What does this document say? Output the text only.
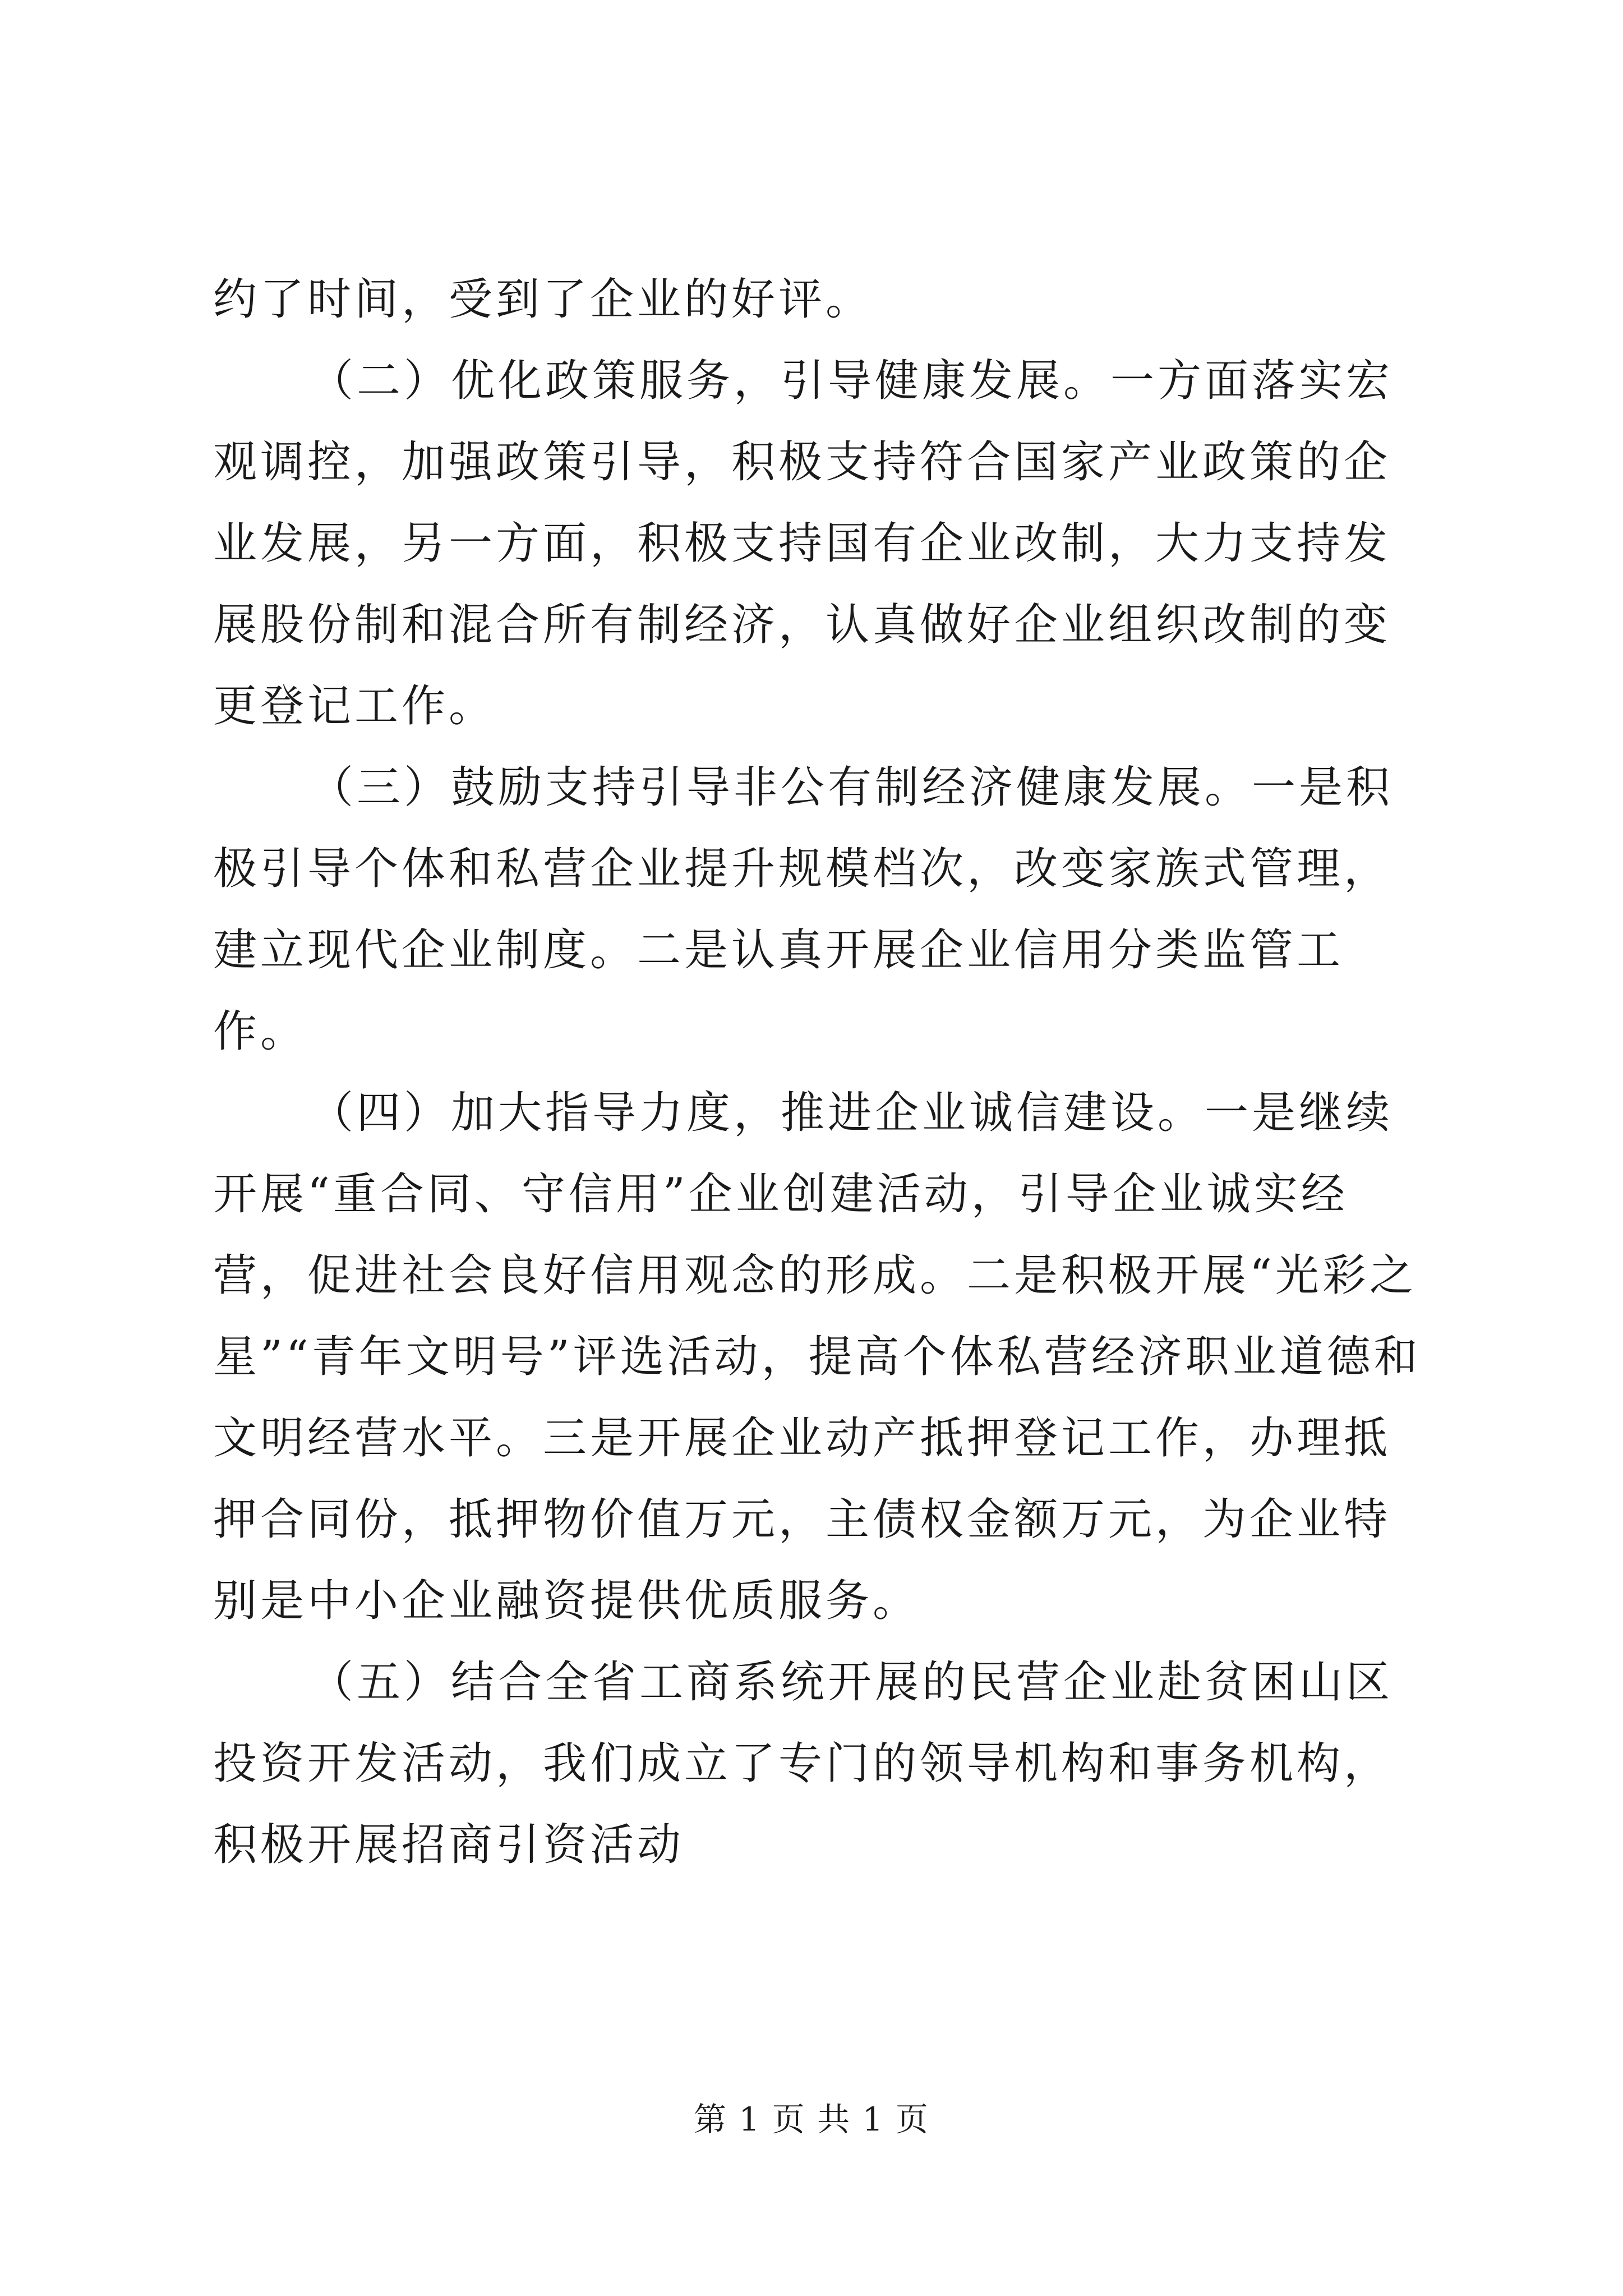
约了时间，受到了企业的好评。

（二）优化政策服务，引导健康发展。一方面落实宏观调控，加强政策引导，积极支持符合国家产业政策的企业发展，另一方面，积极支持国有企业改制，大力支持发展股份制和混合所有制经济，认真做好企业组织改制的变更登记工作。

（三）鼓励支持引导非公有制经济健康发展。一是积极引导个体和私营企业提升规模档次，改变家族式管理，建立现代企业制度。二是认真开展企业信用分类监管工作。

（四）加大指导力度，推进企业诚信建设。一是继续开展“重合同、守信用”企业创建活动，引导企业诚实经营，促进社会良好信用观念的形成。二是积极开展“光彩之星”“青年文明号”评选活动，提高个体私营经济职业道德和文明经营水平。三是开展企业动产抵押登记工作，办理抵押合同份，抵押物价值万元，主债权金额万元，为企业特别是中小企业融资提供优质服务。

（五）结合全省工商系统开展的民营企业赴贫困山区投资开发活动，我们成立了专门的领导机构和事务机构，积极开展招商引资活动

第 1 页 共 1 页
